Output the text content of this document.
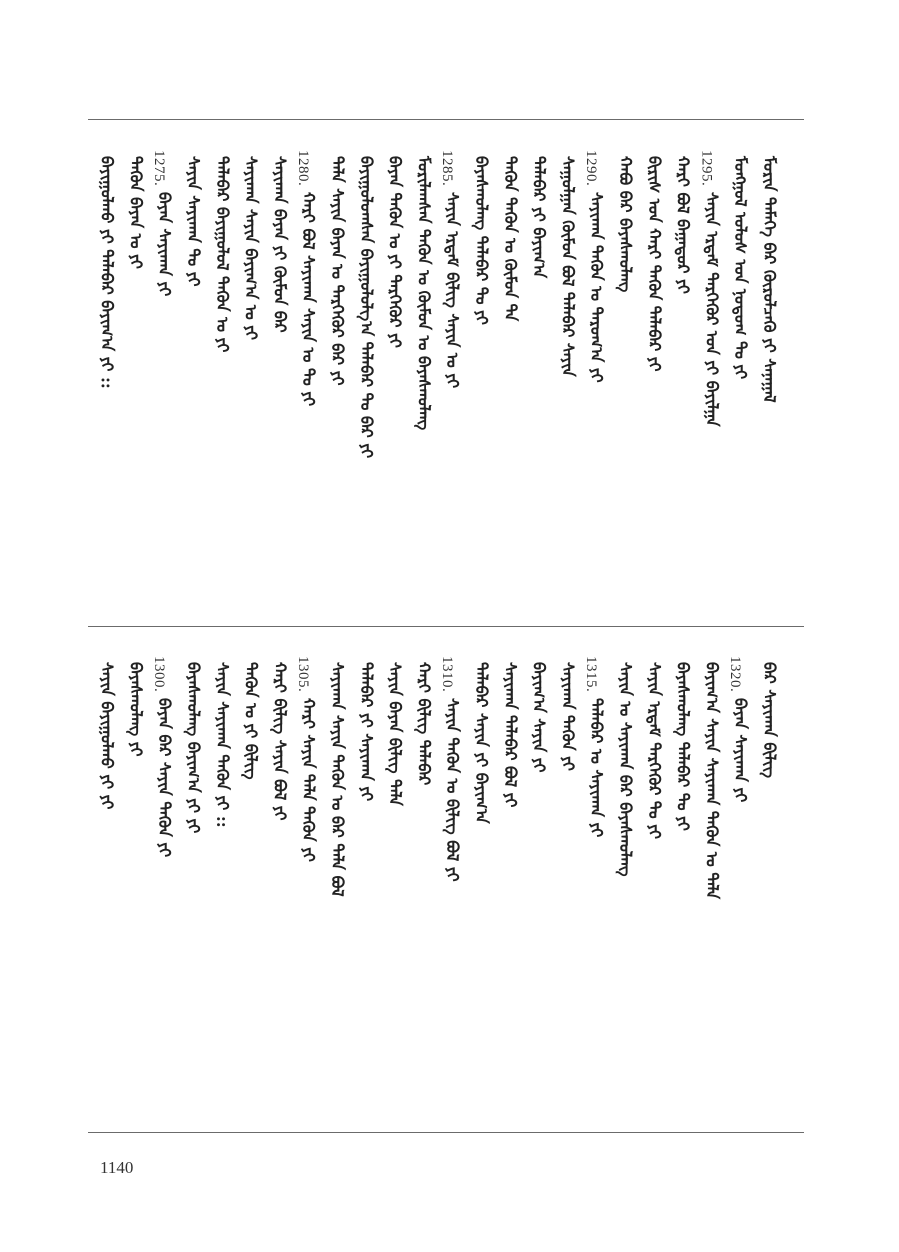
ᠮᠣᠷᠢᠨ ᠲᠡᠮᠡᠭᠡ ᠪᠠᠷ ᠬᠦᠷᠦᠯᠴᠡᠬᠦ ᠶᠢ ᠰᠠᠨᠠᠭᠠᠯ
ᠮᠣᠩᠭᠣᠯ ᠤᠯᠤᠰ ᠤᠨ ᠨᠤᠲᠤᠭ ᠲᠤ ᠶᠢ
1295.
ᠰᠠᠶᠢᠨ ᠡᠷᠳᠡᠮ ᠲᠡᠷᠭᠡᠭᠦᠷ ᠤᠨ ᠶᠢ ᠪᠠᠶᠢᠯᠭᠠ
ᠬᠠᠷᠢ ᠪᠣᠯ ᠪᠠᠭᠠᠳᠤᠷ ᠶᠢ
ᠪᠢᠷᠢᠰ ᠤᠨ ᠬᠠᠷᠢ ᠲᠡᠭᠦᠨ ᠲᠠᠯᠠᠪᠠᠷ ᠶᠢ
ᠬᠠᠪᠤ ᠪᠠᠷ ᠪᠠᠶᠠᠰᠬᠤᠯᠠᠩ
1290.
ᠰᠠᠶᠢᠬᠠᠨ ᠲᠡᠭᠦᠨ ᠤ ᠳᠠᠷᠤᠭ᠎ᠠ ᠶᠢ
ᠰᠠᠭᠤᠯᠭᠠᠨ ᠬᠦᠮᠦᠨ ᠪᠣᠯ ᠲᠠᠯᠠᠪᠠᠷ ᠰᠠᠶᠢᠨ
ᠲᠠᠯᠠᠪᠠᠷ ᠶᠢ ᠪᠠᠶᠢᠭ᠎ᠠ
ᠲᠡᠭᠦᠨ ᠲᠡᠭᠦᠨ ᠤ ᠬᠦᠮᠦᠨ ᠲᠠ
ᠪᠠᠶᠠᠰᠬᠤᠯᠠᠩ ᠲᠠᠯᠠᠪᠠᠷ ᠲᠤ ᠶᠢ
1285.
ᠰᠠᠶᠢᠨ ᠡᠷᠳᠡᠮ ᠪᠢᠯᠢᠭ ᠰᠠᠶᠢᠨ ᠤ ᠶᠢ
ᠮᠣᠷᠢᠯᠠᠭᠰᠠᠨ ᠲᠡᠭᠦᠨ ᠤ ᠬᠦᠮᠦᠨ ᠤ ᠪᠠᠶᠠᠰᠬᠤᠯᠠᠩ
ᠪᠠᠶᠠᠨ ᠲᠡᠭᠦᠨ ᠤ ᠶᠢ ᠲᠡᠷᠭᠡᠭᠦᠷ ᠶᠢ
ᠪᠠᠶᠢᠭᠤᠯᠤᠭᠰᠠᠨ ᠪᠠᠶᠢᠭᠤᠯᠤᠯᠭ᠎ᠠ ᠲᠠᠯᠠᠪᠠᠷ ᠲᠤ ᠪᠠᠷ ᠶᠢ
ᠲᠠᠯᠠ ᠰᠠᠶᠢᠨ ᠪᠠᠶᠠᠨ ᠤ ᠲᠡᠷᠭᠡᠭᠦᠷ ᠪᠠᠷ ᠶᠢ
1280.
ᠬᠠᠷᠢ ᠪᠣᠯ ᠰᠠᠶᠢᠬᠠᠨ ᠰᠠᠶᠢᠨ ᠤ ᠲᠤ ᠶᠢ
ᠰᠠᠶᠢᠬᠠᠨ ᠪᠠᠶᠠᠨ ᠶᠢ ᠬᠦᠮᠦᠨ ᠪᠠᠷ
ᠰᠠᠶᠢᠬᠠᠨ ᠰᠠᠶᠢᠨ ᠪᠠᠶᠢᠭ᠎ᠠ ᠤ ᠶᠢ
ᠲᠠᠯᠠᠪᠠᠷ ᠪᠠᠶᠢᠭᠤᠯᠤᠯ ᠲᠡᠭᠦᠨ ᠤ ᠶᠢ
ᠰᠠᠶᠢᠨ ᠰᠠᠶᠢᠬᠠᠨ ᠲᠤ ᠶᠢ
1275.
ᠪᠠᠶᠠᠨ ᠰᠠᠶᠢᠬᠠᠨ ᠶᠢ
ᠲᠡᠭᠦᠨ ᠪᠠᠶᠠᠨ ᠤ ᠶᠢ
ᠪᠠᠶᠢᠭᠤᠯᠬᠤ ᠶᠢ ᠲᠠᠯᠠᠪᠠᠷ ᠪᠠᠶᠢᠭ᠎ᠠ ᠶᠢ ::
ᠪᠠᠷ ᠰᠠᠶᠢᠬᠠᠨ ᠪᠢᠯᠢᠭ
1320.
ᠪᠠᠶᠠᠨ ᠰᠠᠶᠢᠬᠠᠨ ᠶᠢ
ᠪᠠᠶᠢᠭ᠎ᠠ ᠰᠠᠶᠢᠨ ᠰᠠᠶᠢᠬᠠᠨ ᠲᠡᠭᠦᠨ ᠤ ᠲᠠᠯᠠ
ᠪᠠᠶᠠᠰᠬᠤᠯᠠᠩ ᠲᠠᠯᠠᠪᠠᠷ ᠲᠤ ᠶᠢ
ᠰᠠᠶᠢᠨ ᠡᠷᠳᠡᠮ ᠲᠡᠷᠭᠡᠭᠦᠷ ᠲᠤ ᠶᠢ
ᠰᠠᠶᠢᠨ ᠤ ᠰᠠᠶᠢᠬᠠᠨ ᠪᠠᠷ ᠪᠠᠶᠠᠰᠬᠤᠯᠠᠩ
1315.
ᠲᠠᠯᠠᠪᠠᠷ ᠤ ᠰᠠᠶᠢᠬᠠᠨ ᠶᠢ
ᠰᠠᠶᠢᠬᠠᠨ ᠲᠡᠭᠦᠨ ᠶᠢ
ᠪᠠᠶᠢᠭ᠎ᠠ ᠰᠠᠶᠢᠨ ᠶᠢ
ᠰᠠᠶᠢᠬᠠᠨ ᠲᠠᠯᠠᠪᠠᠷ ᠪᠣᠯ ᠶᠢ
ᠲᠠᠯᠠᠪᠠᠷ ᠰᠠᠶᠢᠨ ᠶᠢ ᠪᠠᠶᠢᠭ᠎ᠠ
1310.
ᠰᠠᠶᠢᠨ ᠲᠡᠭᠦᠨ ᠤ ᠪᠢᠯᠢᠭ ᠪᠣᠯ ᠶᠢ
ᠬᠠᠷᠢ ᠪᠢᠯᠢᠭ ᠲᠠᠯᠠᠪᠠᠷ
ᠰᠠᠶᠢᠨ ᠪᠠᠶᠠᠨ ᠪᠢᠯᠢᠭ ᠲᠠᠯᠠ
ᠲᠠᠯᠠᠪᠠᠷ ᠶᠢ ᠰᠠᠶᠢᠬᠠᠨ ᠶᠢ
ᠰᠠᠶᠢᠬᠠᠨ ᠰᠠᠶᠢᠨ ᠲᠡᠭᠦᠨ ᠤ ᠪᠠᠷ ᠲᠠᠯᠠ ᠪᠣᠯ
1305.
ᠬᠠᠷᠢ ᠰᠠᠶᠢᠨ ᠲᠠᠯᠠ ᠲᠡᠭᠦᠨ ᠶᠢ
ᠬᠠᠷᠢ ᠪᠢᠯᠢᠭ ᠰᠠᠶᠢᠨ ᠪᠣᠯ ᠶᠢ
ᠲᠡᠭᠦᠨ ᠤ ᠶᠢ ᠪᠢᠯᠢᠭ
ᠰᠠᠶᠢᠨ ᠰᠠᠶᠢᠬᠠᠨ ᠲᠡᠭᠦᠨ ᠶᠢ ::
ᠪᠠᠶᠠᠰᠬᠤᠯᠠᠩ ᠪᠠᠶᠢᠭ᠎ᠠ ᠶᠢ ᠶᠢ
1300.
ᠪᠠᠶᠠᠨ ᠪᠠᠷ ᠰᠠᠶᠢᠨ ᠲᠡᠭᠦᠨ ᠶᠢ
ᠪᠠᠶᠠᠰᠬᠤᠯᠠᠩ ᠶᠢ
ᠰᠠᠶᠢᠨ ᠪᠠᠶᠢᠭᠤᠯᠬᠤ ᠶᠢ ᠶᠢ
1140
